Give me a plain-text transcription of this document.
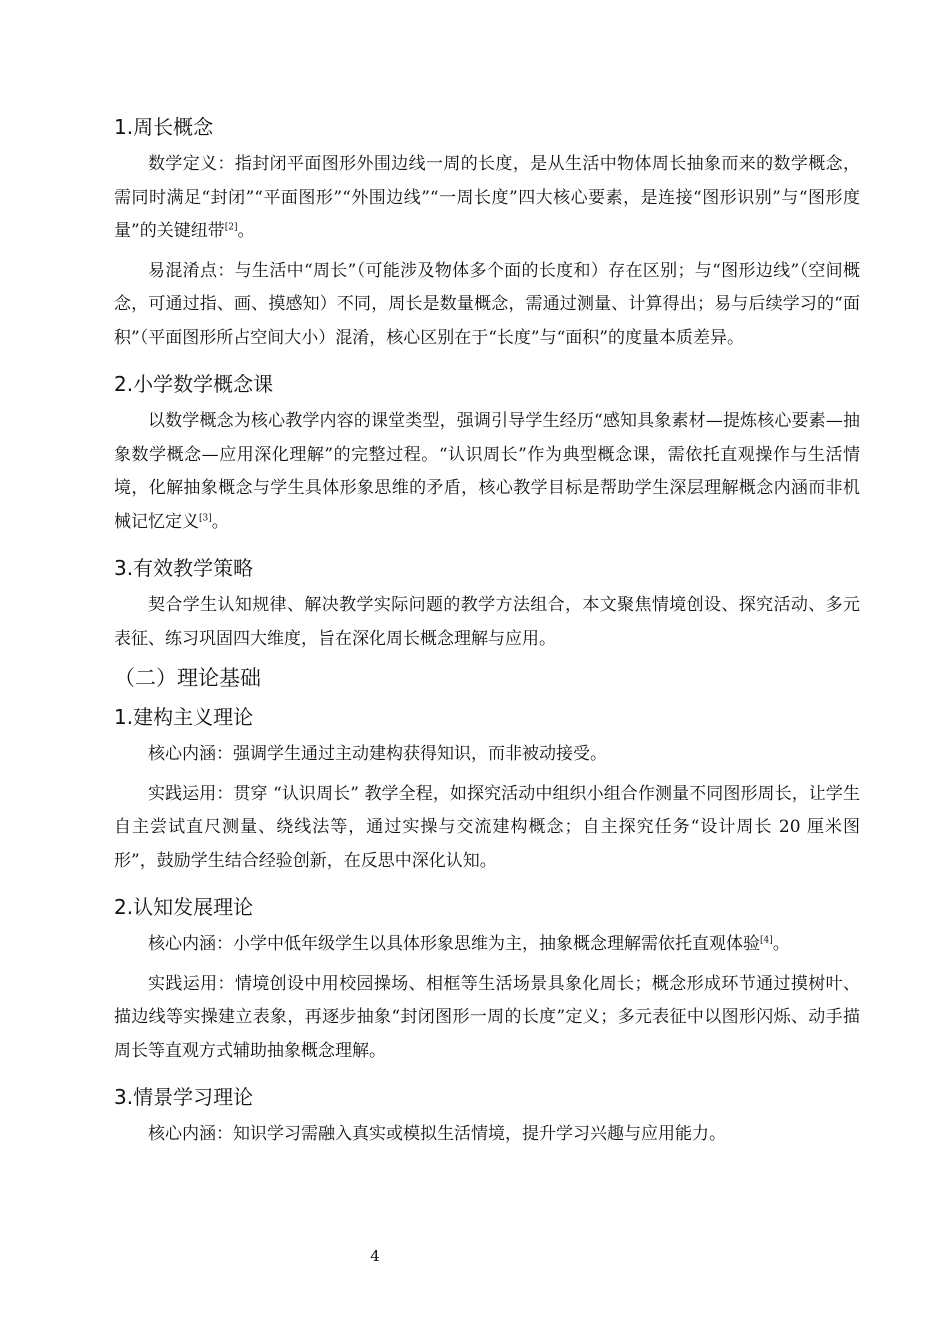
1.周长概念

数学定义：指封闭平面图形外围边线一周的长度，是从生活中物体周长抽象而来的数学概念，需同时满足“封闭”“平面图形”“外围边线”“一周长度”四大核心要素，是连接“图形识别”与“图形度量”的关键纽带[2]。

易混淆点：与生活中“周长”（可能涉及物体多个面的长度和）存在区别；与“图形边线”（空间概念，可通过指、画、摸感知）不同，周长是数量概念，需通过测量、计算得出；易与后续学习的“面积”（平面图形所占空间大小）混淆，核心区别在于“长度”与“面积”的度量本质差异。

2.小学数学概念课

以数学概念为核心教学内容的课堂类型，强调引导学生经历“感知具象素材—提炼核心要素—抽象数学概念—应用深化理解”的完整过程。“认识周长”作为典型概念课，需依托直观操作与生活情境，化解抽象概念与学生具体形象思维的矛盾，核心教学目标是帮助学生深层理解概念内涵而非机械记忆定义[3]。

3.有效教学策略

契合学生认知规律、解决教学实际问题的教学方法组合，本文聚焦情境创设、探究活动、多元表征、练习巩固四大维度，旨在深化周长概念理解与应用。

（二）理论基础
1.建构主义理论

核心内涵：强调学生通过主动建构获得知识，而非被动接受。

实践运用：贯穿 “认识周长” 教学全程，如探究活动中组织小组合作测量不同图形周长，让学生自主尝试直尺测量、绕线法等，通过实操与交流建构概念；自主探究任务“设计周长 20 厘米图形”，鼓励学生结合经验创新，在反思中深化认知。

2.认知发展理论

核心内涵：小学中低年级学生以具体形象思维为主，抽象概念理解需依托直观体验[4]。

实践运用：情境创设中用校园操场、相框等生活场景具象化周长；概念形成环节通过摸树叶、描边线等实操建立表象，再逐步抽象“封闭图形一周的长度”定义；多元表征中以图形闪烁、动手描周长等直观方式辅助抽象概念理解。

3.情景学习理论

核心内涵：知识学习需融入真实或模拟生活情境，提升学习兴趣与应用能力。

4
